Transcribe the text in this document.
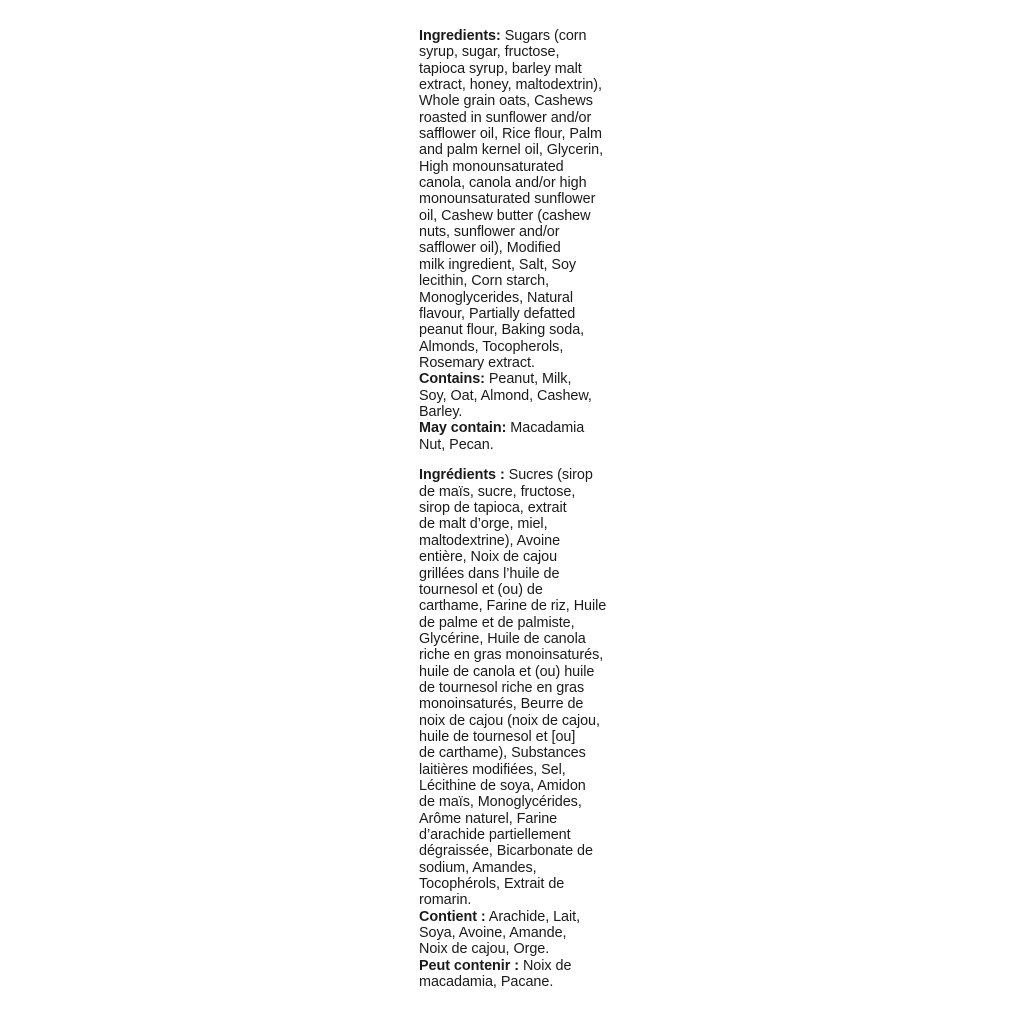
Ingredients: Sugars (corn
syrup, sugar, fructose,
tapioca syrup, barley malt
extract, honey, maltodextrin),
Whole grain oats, Cashews
roasted in sunflower and/or
safflower oil, Rice flour, Palm
and palm kernel oil, Glycerin,
High monounsaturated
canola, canola and/or high
monounsaturated sunflower
oil, Cashew butter (cashew
nuts, sunflower and/or
safflower oil), Modified
milk ingredient, Salt, Soy
lecithin, Corn starch,
Monoglycerides, Natural
flavour, Partially defatted
peanut flour, Baking soda,
Almonds, Tocopherols,
Rosemary extract.
Contains: Peanut, Milk,
Soy, Oat, Almond, Cashew,
Barley.
May contain: Macadamia
Nut, Pecan.
Ingrédients : Sucres (sirop
de maïs, sucre, fructose,
sirop de tapioca, extrait
de malt d’orge, miel,
maltodextrine), Avoine
entière, Noix de cajou
grillées dans l’huile de
tournesol et (ou) de
carthame, Farine de riz, Huile
de palme et de palmiste,
Glycérine, Huile de canola
riche en gras monoinsaturés,
huile de canola et (ou) huile
de tournesol riche en gras
monoinsaturés, Beurre de
noix de cajou (noix de cajou,
huile de tournesol et [ou]
de carthame), Substances
laitières modifiées, Sel,
Lécithine de soya, Amidon
de maïs, Monoglycérides,
Arôme naturel, Farine
d’arachide partiellement
dégraissée, Bicarbonate de
sodium, Amandes,
Tocophérols, Extrait de
romarin.
Contient : Arachide, Lait,
Soya, Avoine, Amande,
Noix de cajou, Orge.
Peut contenir : Noix de
macadamia, Pacane.
